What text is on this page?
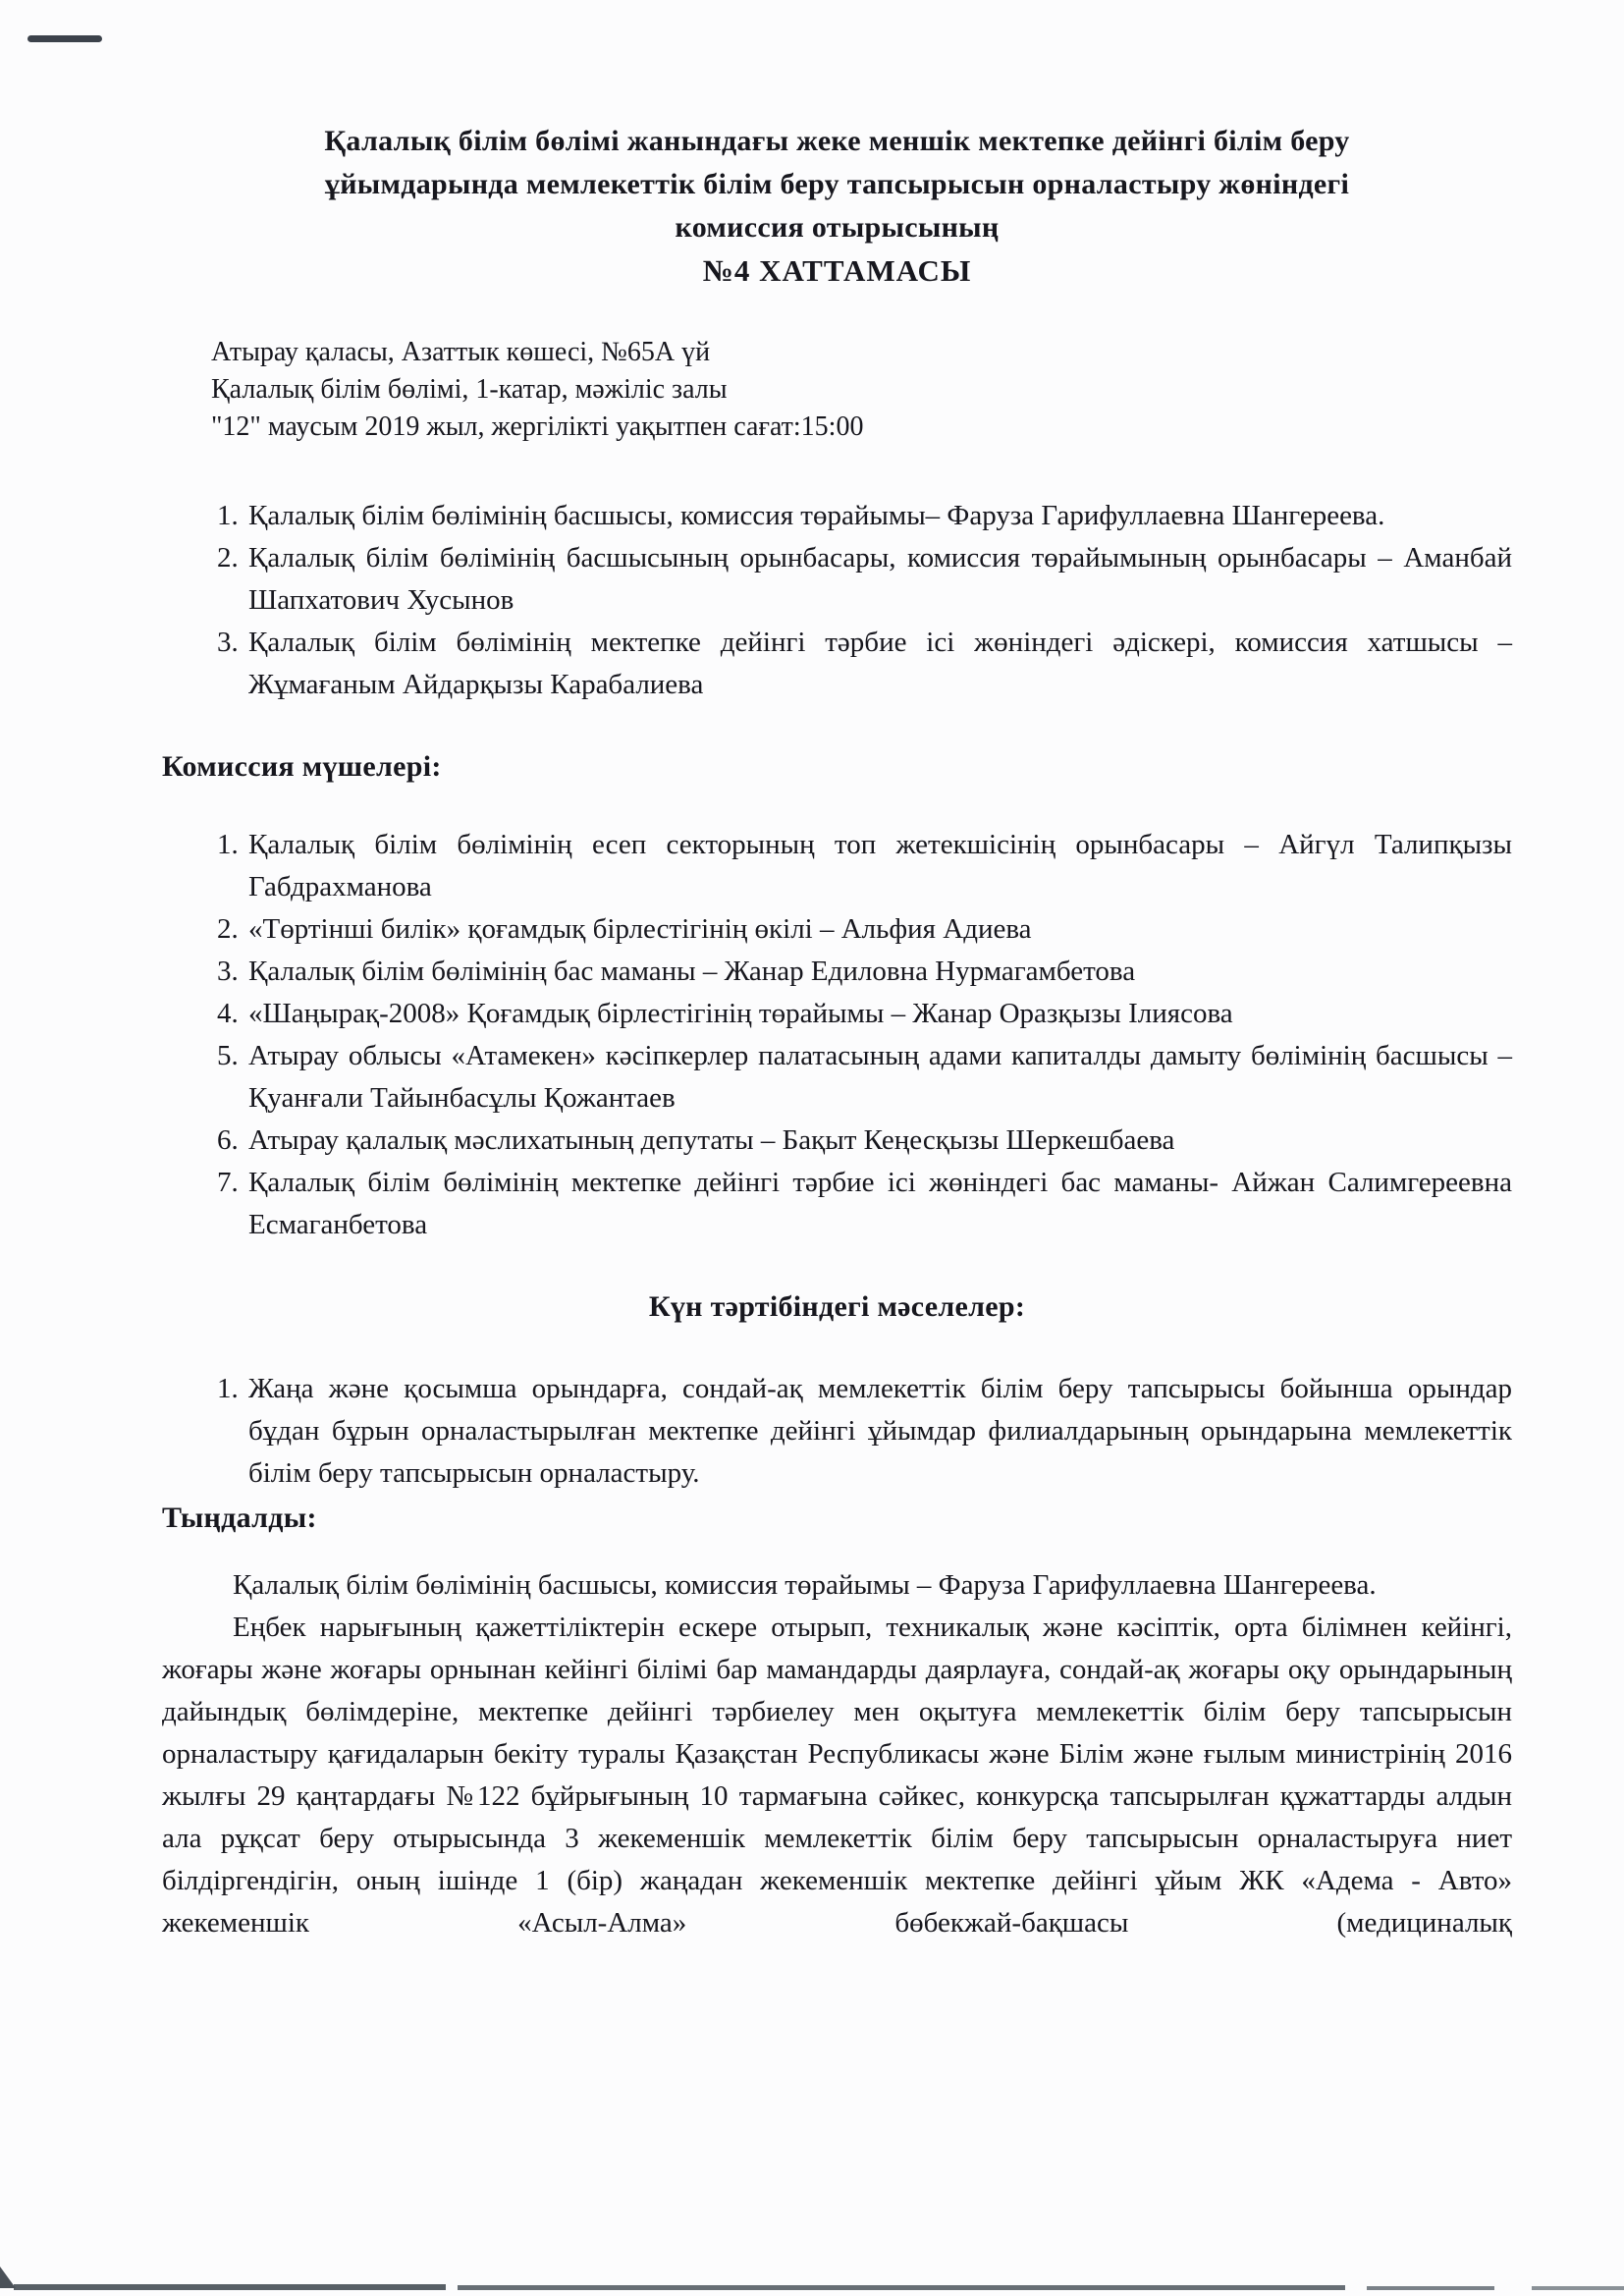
Қалалық білім бөлімі жанындағы жеке меншік мектепке дейінгі білім беру
ұйымдарында мемлекеттік білім беру тапсырысын орналастыру жөніндегі
комиссия отырысының
№4 ХАТТАМАСЫ
Атырау қаласы, Азаттык көшесі, №65А үй
Қалалық білім бөлімі, 1-катар, мәжіліс залы
"12" маусым 2019 жыл, жергілікті уақытпен сағат:15:00
1. Қалалық білім бөлімінің басшысы, комиссия төрайымы– Фаруза Гарифуллаевна Шангереева.
2. Қалалық білім бөлімінің басшысының орынбасары, комиссия төрайымының орынбасары – Аманбай Шапхатович Хусынов
3. Қалалық білім бөлімінің мектепке дейінгі тәрбие ісі жөніндегі әдіскері, комиссия хатшысы – Жұмағаным Айдарқызы Карабалиева
Комиссия мүшелері:
1. Қалалық білім бөлімінің есеп секторының топ жетекшісінің орынбасары – Айгүл Талипқызы Габдрахманова
2. «Төртінші билік» қоғамдық бірлестігінің өкілі – Альфия Адиева
3. Қалалық білім бөлімінің бас маманы – Жанар Едиловна Нурмагамбетова
4. «Шаңырақ-2008» Қоғамдық бірлестігінің төрайымы – Жанар Оразқызы Ілиясова
5. Атырау облысы «Атамекен» кәсіпкерлер палатасының адами капиталды дамыту бөлімінің басшысы – Қуанғали Тайынбасұлы Қожантаев
6. Атырау қалалық мәслихатының депутаты – Бақыт Кеңесқызы Шеркешбаева
7. Қалалық білім бөлімінің мектепке дейінгі тәрбие ісі жөніндегі бас маманы- Айжан Салимгереевна Есмаганбетова
Күн тәртібіндегі мәселелер:
1. Жаңа және қосымша орындарға, сондай-ақ мемлекеттік білім беру тапсырысы бойынша орындар бұдан бұрын орналастырылған мектепке дейінгі ұйымдар филиалдарының орындарына мемлекеттік білім беру тапсырысын орналастыру.
Тыңдалды:

Қалалық білім бөлімінің басшысы, комиссия төрайымы – Фаруза Гарифуллаевна Шангереева.

Еңбек нарығының қажеттіліктерін ескере отырып, техникалық және кәсіптік, орта білімнен кейінгі, жоғары және жоғары орнынан кейінгі білімі бар мамандарды даярлауға, сондай-ақ жоғары оқу орындарының дайындық бөлімдеріне, мектепке дейінгі тәрбиелеу мен оқытуға мемлекеттік білім беру тапсырысын орналастыру қағидаларын бекіту туралы Қазақстан Республикасы және Білім және ғылым министрінің 2016 жылғы 29 қаңтардағы №122 бұйрығының 10 тармағына сәйкес, конкурсқа тапсырылған құжаттарды алдын ала рұқсат беру отырысында 3 жекеменшік мемлекеттік білім беру тапсырысын орналастыруға ниет білдіргендігін, оның ішінде 1 (бір) жаңадан жекеменшік мектепке дейінгі ұйым ЖК «Адема - Авто» жекеменшік «Асыл-Алма» бөбекжай-бақшасы (медициналық
